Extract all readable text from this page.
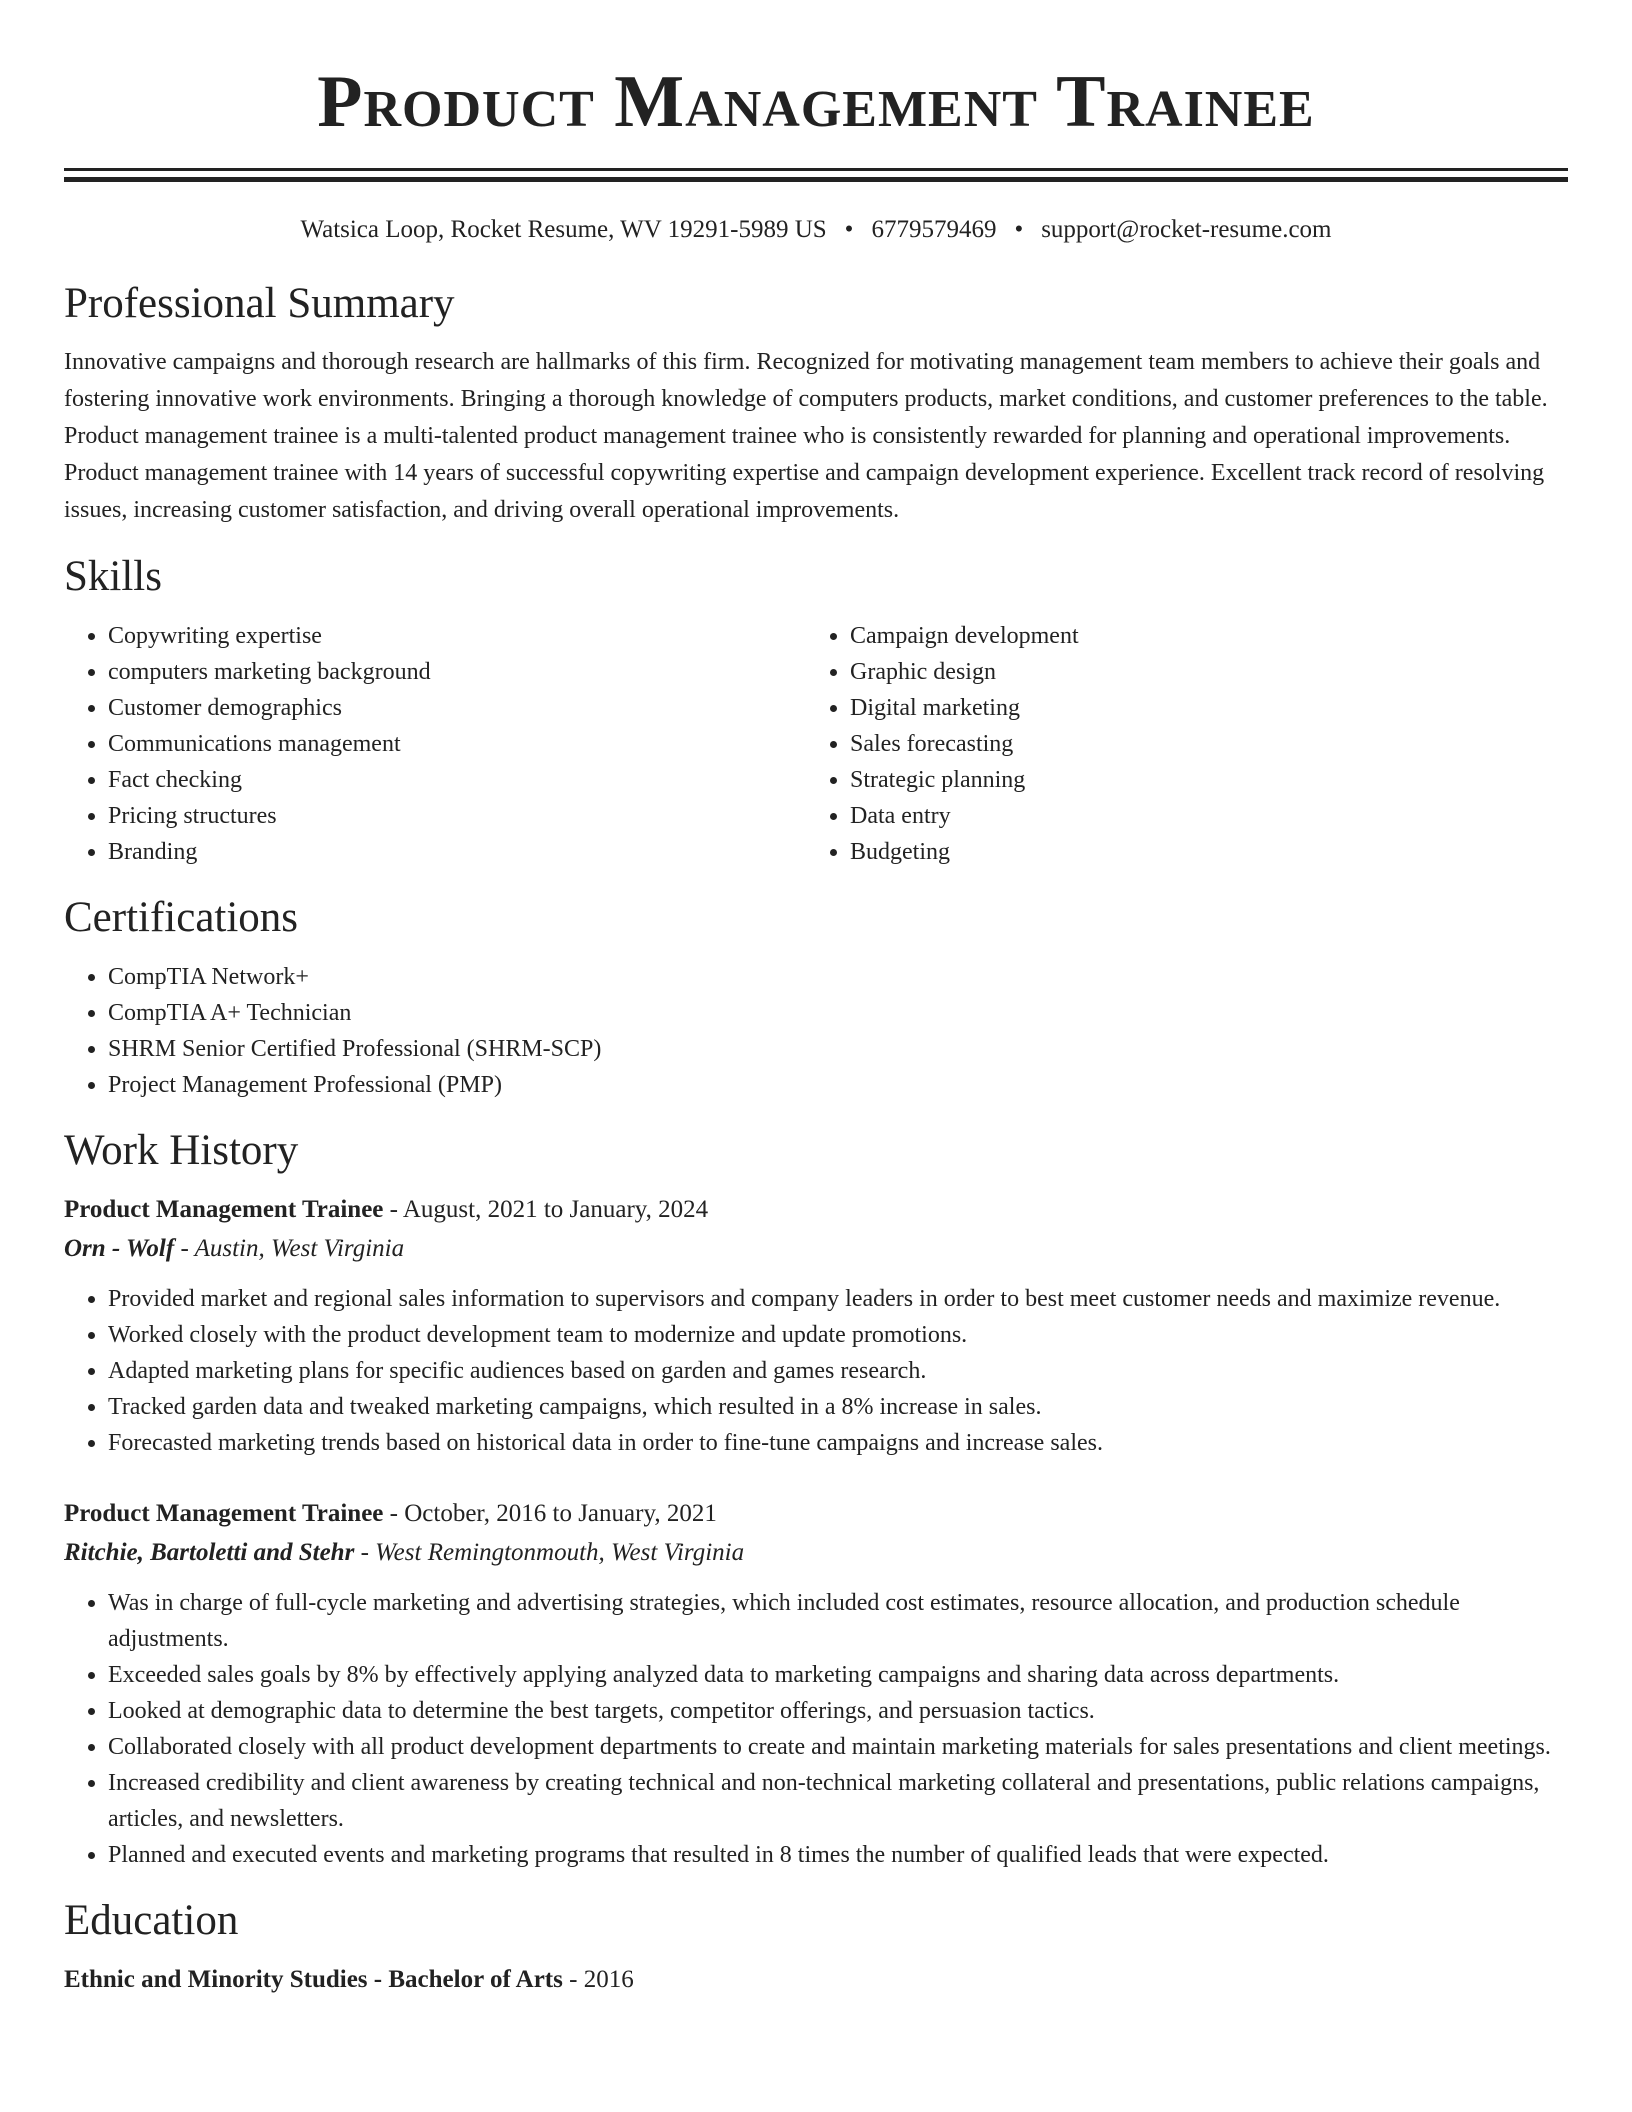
Product Management Trainee
Watsica Loop, Rocket Resume, WV 19291-5989 US • 6779579469 • support@rocket-resume.com
Professional Summary

Innovative campaigns and thorough research are hallmarks of this firm. Recognized for motivating management team members to achieve their goals and fostering innovative work environments. Bringing a thorough knowledge of computers products, market conditions, and customer preferences to the table. Product management trainee is a multi-talented product management trainee who is consistently rewarded for planning and operational improvements. Product management trainee with 14 years of successful copywriting expertise and campaign development experience. Excellent track record of resolving issues, increasing customer satisfaction, and driving overall operational improvements.

Skills
• Copywriting expertise
• computers marketing background
• Customer demographics
• Communications management
• Fact checking
• Pricing structures
• Branding
• Campaign development
• Graphic design
• Digital marketing
• Sales forecasting
• Strategic planning
• Data entry
• Budgeting
Certifications
• CompTIA Network+
• CompTIA A+ Technician
• SHRM Senior Certified Professional (SHRM-SCP)
• Project Management Professional (PMP)
Work History
Product Management Trainee - August, 2021 to January, 2024
Orn - Wolf - Austin, West Virginia
• Provided market and regional sales information to supervisors and company leaders in order to best meet customer needs and maximize revenue.
• Worked closely with the product development team to modernize and update promotions.
• Adapted marketing plans for specific audiences based on garden and games research.
• Tracked garden data and tweaked marketing campaigns, which resulted in a 8% increase in sales.
• Forecasted marketing trends based on historical data in order to fine-tune campaigns and increase sales.
Product Management Trainee - October, 2016 to January, 2021
Ritchie, Bartoletti and Stehr - West Remingtonmouth, West Virginia
• Was in charge of full-cycle marketing and advertising strategies, which included cost estimates, resource allocation, and production schedule adjustments.
• Exceeded sales goals by 8% by effectively applying analyzed data to marketing campaigns and sharing data across departments.
• Looked at demographic data to determine the best targets, competitor offerings, and persuasion tactics.
• Collaborated closely with all product development departments to create and maintain marketing materials for sales presentations and client meetings.
• Increased credibility and client awareness by creating technical and non-technical marketing collateral and presentations, public relations campaigns, articles, and newsletters.
• Planned and executed events and marketing programs that resulted in 8 times the number of qualified leads that were expected.
Education
Ethnic and Minority Studies - Bachelor of Arts - 2016
